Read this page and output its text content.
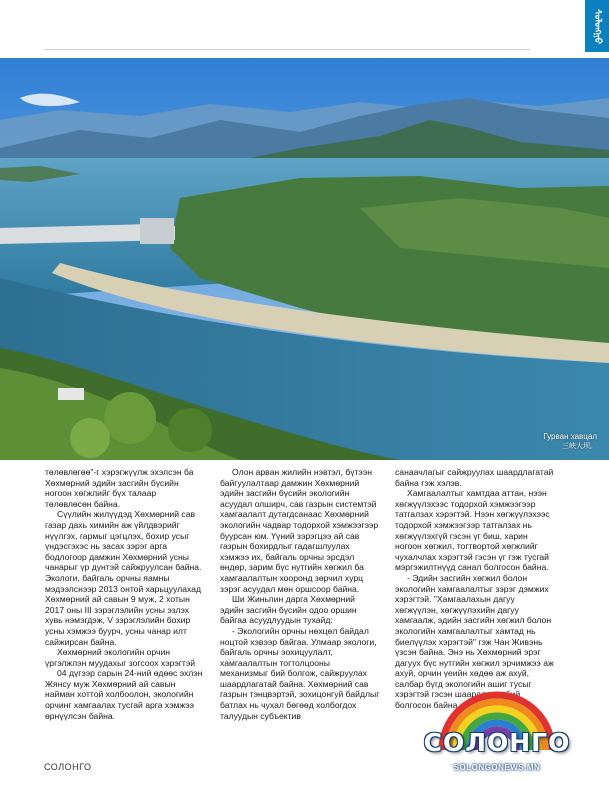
ᠰᠣᠯᠣᠩᠭ᠋ᠣ
Гурван хавцал
三峡大坝。

төлөвлөгөө"-г хэрэгжүүлж эхэлсэн ба Хөхмөрний эдийн засгийн бүсийн ногоон хөгжлийг бүх талаар төлөвлөсөн байна.

Сүүлийн жилүүдэд Хөхмөрний сав газар дахь химийн аж үйлдвэрийг нүүлгэх, гармыг цэгцлэх, бохир усыг үндэсгэхэс нь засах зэрэг арга бодлогоор дамжин Хөхмөрний усны чанарыг үр дүнтэй сайжруулсан байна. Экологи, байгаль орчны яамны мэдээлснээр 2013 онтой харьцуулахад Хөхмөрний ай савын 9 муж, 2 хотын 2017 оны III зэрэглэлийн усны эзлэх хувь нэмэгдэж, V зэрэглэлийн бохир усны хэмжээ буурч, усны чанар илт сайжирсан байна.

Хөхмөрний экологийн орчин үргэлжлэн муудахыг зогсоох хэрэгтэй

04 дүгээр сарын 24-ний өдөөс эхлэн Жянсу муж Хөхмөрний ай савын найман хоттой холбоолон, экологийн орчинг хамгаалах тусгай арга хэмжээ өрнүүлсэн байна.

Олон арван жилийн нэвтэл, бүтээн байгуулалтаар дамжин Хөхмөрний эдийн засгийн бүсийн экологийн асуудал олширч, сав газрын системтэй хамгаалалт дутагдсанаас Хөхмөрний экологийн чадвар тодорхой хэмжээгээр буурсан юм. Үүний зэрэгцээ ай сав газрын бохирдлыг гадагшлуулах хэмжээ их, байгаль орчны эрсдэл өндөр, зарим бүс нутгийн хөгжил ба хамгаалалтын хооронд зөрчил хурц зэрэг асуудал мөн оршсоор байна.

Ши Жиньпин дарга Хөхмөрний эдийн засгийн бүсийн одоо оршин байгаа асуудлуудын тухайд:

- Экологийн орчны нөхцөл байдал ноцтой хэвээр байгаа. Улмаар экологи, байгаль орчны эохицуулалт, хамгаалалтын тогтолцооны механизмыг бий болгож, сайжруулах шаардлагатай байна. Хөхмөрний сав газрын тэнцвэртэй, зохицонгуй байдлыг батлах нь чухал бөгөөд холбогдох талуудын субъектив

санаачлагыг сайжруулах шаардлагатай байна гэж хэлэв.

Хамгаалалтыг хамтдаа аттан, нээн хөгжүүлэхээс тодорхой хэмжээгээр татгалзах хэрэгтэй. Нээн хөгжүүлэхээс тодорхой хэмжээгээр татгалзах нь хөгжүүлэхгүй гэсэн үг биш, харин ногоон хөгжил, тогтвортой хөгжлийг чухалчлах хэрэгтэй гэсэн үг гэж тусгай мэргэжилтнүүд санал болгосон байна.

- Эдийн засгийн хөгжил болон экологийн хамгаалалтыг зэрэг дэмжих хэрэгтэй. "Хамгаалахын дагуу хөгжүүлэн, хөгжүүлэхийн дагуу хамгаалж, эдийн засгийн хөгжил болон экологийн хамгаалалтыг хамтад нь биелүүлэх хэрэгтэй" гэж Чан Живэнь үзсэн байна. Энэ нь Хөхмөрний эрэг дагуух бүс нутгийн хөгжил эрчимжээ аж ахуй, орчин үеийн хөдөө аж ахуй, салбар бүгд экологийн ашиг тусыг хэрэгтэй гэсэн шаардлагыг бий болгосон байна.

СОЛОНГО
СОЛОНГО
SOLONGONEWS.MN
